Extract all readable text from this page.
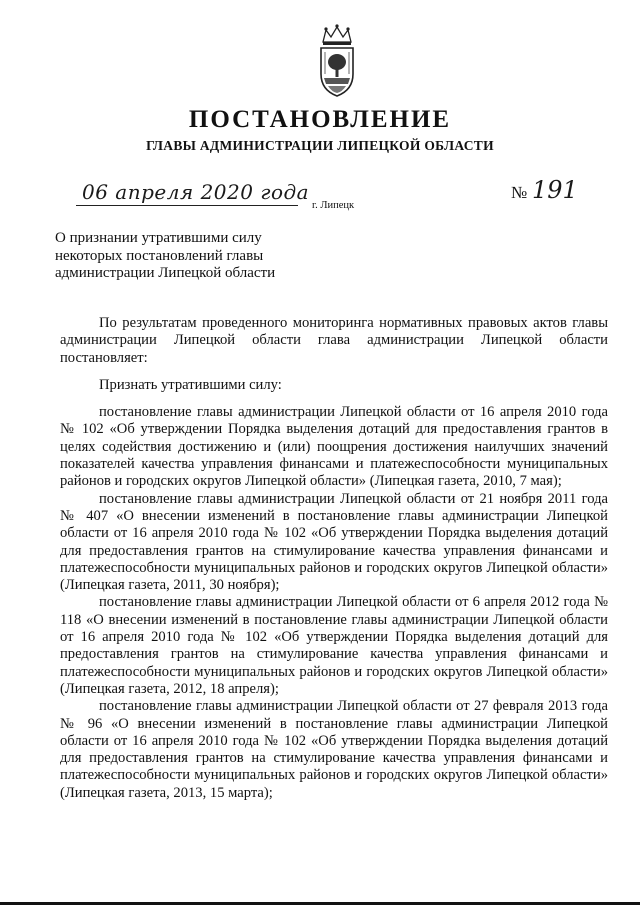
ПОСТАНОВЛЕНИЕ
ГЛАВЫ АДМИНИСТРАЦИИ ЛИПЕЦКОЙ ОБЛАСТИ
06 апреля 2020 года
г. Липецк
№ 191
О признании утратившими силу
некоторых постановлений главы
администрации Липецкой области

По результатам проведенного мониторинга нормативных правовых актов главы администрации Липецкой области глава администрации Липецкой области постановляет:

Признать утратившими силу:

постановление главы администрации Липецкой области от 16 апреля 2010 года № 102 «Об утверждении Порядка выделения дотаций для предоставления грантов в целях содействия достижению и (или) поощрения достижения наилучших значений показателей качества управления финансами и платежеспособности муниципальных районов и городских округов Липецкой области» (Липецкая газета, 2010, 7 мая);

постановление главы администрации Липецкой области от 21 ноября 2011 года № 407 «О внесении изменений в постановление главы администрации Липецкой области от 16 апреля 2010 года № 102 «Об утверждении Порядка выделения дотаций для предоставления грантов на стимулирование качества управления финансами и платежеспособности муниципальных районов и городских округов Липецкой области» (Липецкая газета, 2011, 30 ноября);

постановление главы администрации Липецкой области от 6 апреля 2012 года № 118 «О внесении изменений в постановление главы администрации Липецкой области от 16 апреля 2010 года № 102 «Об утверждении Порядка выделения дотаций для предоставления грантов на стимулирование качества управления финансами и платежеспособности муниципальных районов и городских округов Липецкой области» (Липецкая газета, 2012, 18 апреля);

постановление главы администрации Липецкой области от 27 февраля 2013 года № 96 «О внесении изменений в постановление главы администрации Липецкой области от 16 апреля 2010 года № 102 «Об утверждении Порядка выделения дотаций для предоставления грантов на стимулирование качества управления финансами и платежеспособности муниципальных районов и городских округов Липецкой области» (Липецкая газета, 2013, 15 марта);
